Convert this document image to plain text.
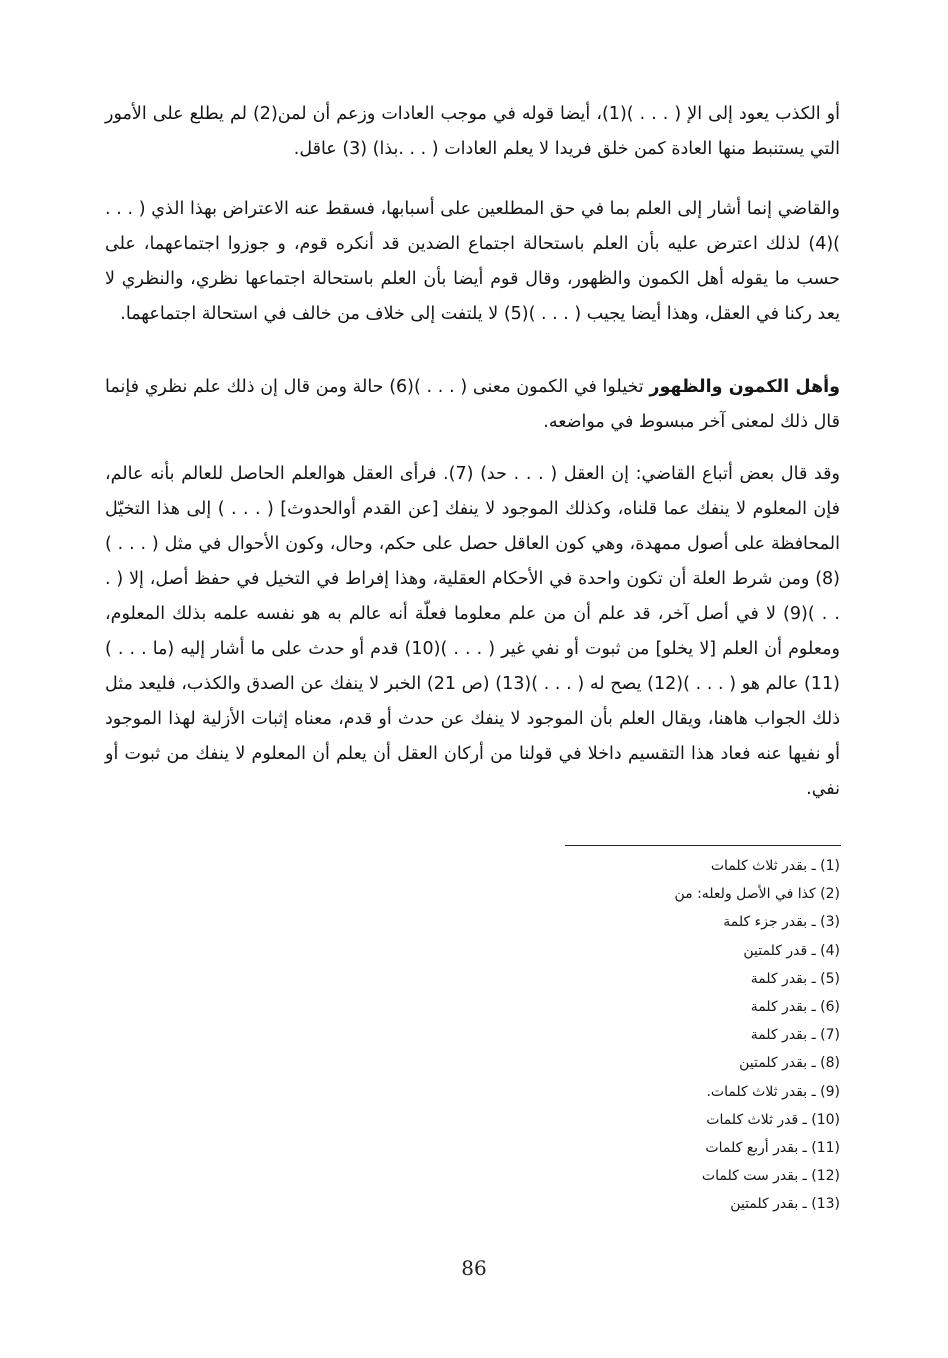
أو الكذب يعود إلى الإ ( . . . )(1)، أيضا قوله في موجب العادات وزعم أن لمن(2) لم يطلع على الأمور التي يستنبط منها العادة كمن خلق فريدا لا يعلم العادات ( . . .بذا) (3) عاقل.

والقاضي إنما أشار إلى العلم بما في حق المطلعين على أسبابها، فسقط عنه الاعتراض بهذا الذي ( . . . )(4) لذلك اعترض عليه بأن العلم باستحالة اجتماع الضدين قد أنكره قوم، و جوزوا اجتماعهما، على حسب ما يقوله أهل الكمون والظهور، وقال قوم أيضا بأن العلم باستحالة اجتماعها نظري، والنظري لا يعد ركنا في العقل، وهذا أيضا يجيب ( . . . )(5) لا يلتفت إلى خلاف من خالف في استحالة اجتماعهما.

وأهل الكمون والظهور تخيلوا في الكمون معنى ( . . . )(6) حالة ومن قال إن ذلك علم نظري فإنما قال ذلك لمعنى آخر مبسوط في مواضعه.

وقد قال بعض أتباع القاضي: إن العقل ( . . . حد) (7). فرأى العقل هوالعلم الحاصل للعالم بأنه عالم، فإن المعلوم لا ينفك عما قلناه، وكذلك الموجود لا ينفك [عن القدم أوالحدوث] ( . . . ) إلى هذا التخيّل المحافظة على أصول ممهدة، وهي كون العاقل حصل على حكم، وحال، وكون الأحوال في مثل ( . . . )(8) ومن شرط العلة أن تكون واحدة في الأحكام العقلية، وهذا إفراط في التخيل في حفظ أصل، إلا ( . . . )(9) لا في أصل آخر، قد علم أن من علم معلوما فعلّة أنه عالم به هو نفسه علمه بذلك المعلوم، ومعلوم أن العلم [لا يخلو] من ثبوت أو نفي غير ( . . . )(10) قدم أو حدث على ما أشار إليه (ما . . . ) (11) عالم هو ( . . . )(12) يصح له ( . . . )(13) (ص 21) الخبر لا ينفك عن الصدق والكذب، فليعد مثل ذلك الجواب هاهنا، ويقال العلم بأن الموجود لا ينفك عن حدث أو قدم، معناه إثبات الأزلية لهذا الموجود أو نفيها عنه فعاد هذا التقسيم داخلا في قولنا من أركان العقل أن يعلم أن المعلوم لا ينفك من ثبوت أو نفي.

(1) ـ بقدر ثلاث كلمات
(2) كذا في الأصل ولعله: من
(3) ـ بقدر جزء كلمة
(4) ـ قدر كلمتين
(5) ـ بقدر كلمة
(6) ـ بقدر كلمة
(7) ـ بقدر كلمة
(8) ـ بقدر كلمتين
(9) ـ بقدر ثلاث كلمات.
(10) ـ قدر ثلاث كلمات
(11) ـ بقدر أربع كلمات
(12) ـ بقدر ست كلمات
(13) ـ بقدر كلمتين
86
